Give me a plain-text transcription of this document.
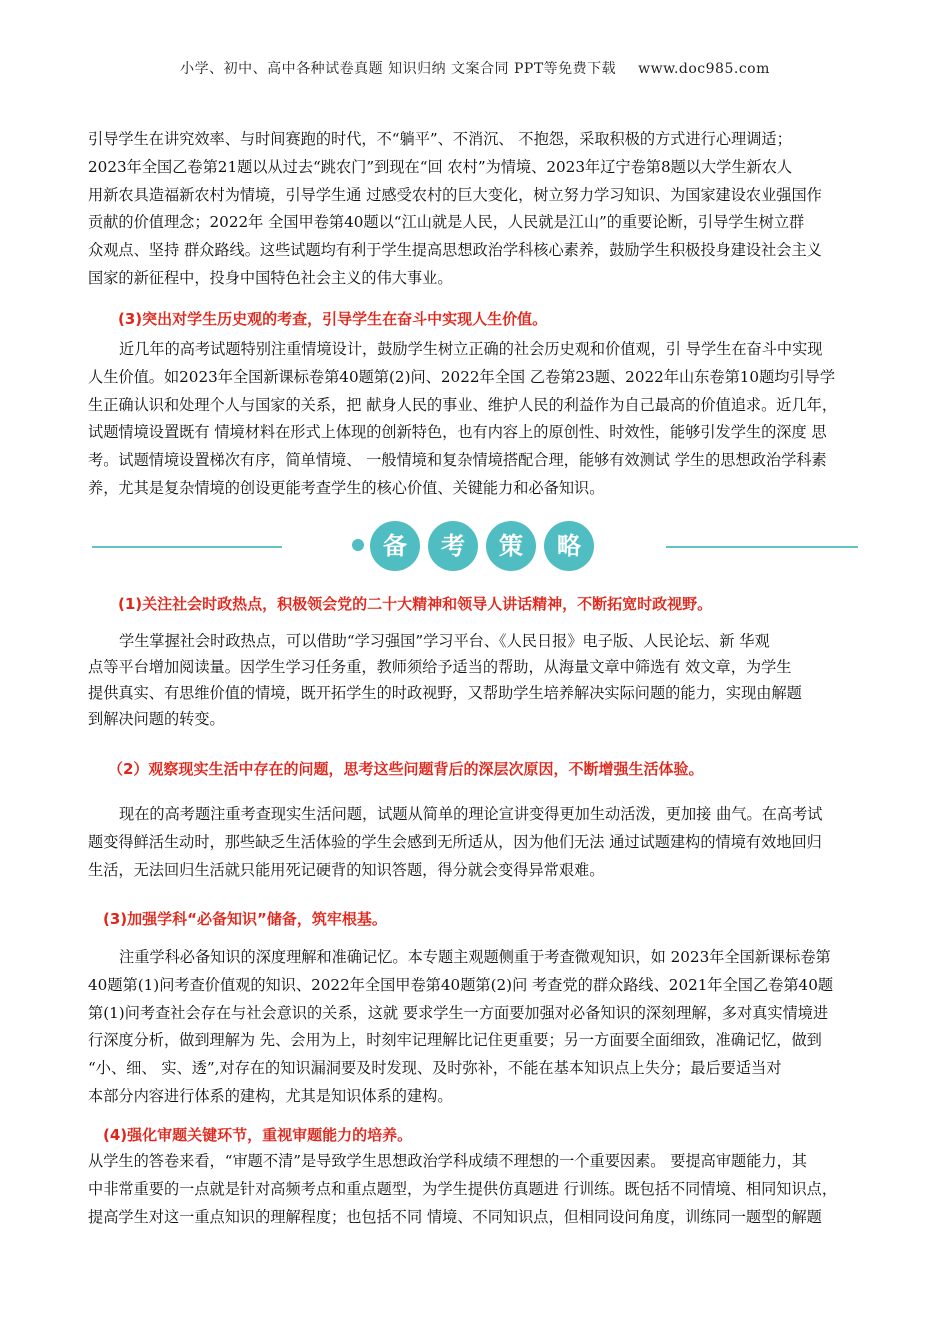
小学、初中、高中各种试卷真题 知识归纳 文案合同 PPT等免费下载 www.doc985.com

引导学生在讲究效率、与时间赛跑的时代，不“躺平”、不消沉、 不抱怨，采取积极的方式进行心理调适；

2023年全国乙卷第21题以从过去“跳农门”到现在“回 农村”为情境、2023年辽宁卷第8题以大学生新农人

用新农具造福新农村为情境，引导学生通 过感受农村的巨大变化，树立努力学习知识、为国家建设农业强国作

贡献的价值理念；2022年 全国甲卷第40题以“江山就是人民，人民就是江山”的重要论断，引导学生树立群

众观点、坚持 群众路线。这些试题均有利于学生提高思想政治学科核心素养，鼓励学生积极投身建设社会主义

国家的新征程中，投身中国特色社会主义的伟大事业。

(3)突出对学生历史观的考查，引导学生在奋斗中实现人生价值。

近几年的高考试题特别注重情境设计，鼓励学生树立正确的社会历史观和价值观，引 导学生在奋斗中实现

人生价值。如2023年全国新课标卷第40题第(2)问、2022年全国 乙卷第23题、2022年山东卷第10题均引导学

生正确认识和处理个人与国家的关系，把 献身人民的事业、维护人民的利益作为自己最高的价值追求。近几年，

试题情境设置既有 情境材料在形式上体现的创新特色，也有内容上的原创性、时效性，能够引发学生的深度 思

考。试题情境设置梯次有序，简单情境、 一般情境和复杂情境搭配合理，能够有效测试 学生的思想政治学科素

养，尤其是复杂情境的创设更能考查学生的核心价值、关键能力和必备知识。

备	考	策	略
(1)关注社会时政热点，积极领会党的二十大精神和领导人讲话精神，不断拓宽时政视野。

学生掌握社会时政热点，可以借助“学习强国”学习平台、《人民日报》电子版、人民论坛、新 华观

点等平台增加阅读量。因学生学习任务重，教师须给予适当的帮助，从海量文章中筛选有 效文章，为学生

提供真实、有思维价值的情境，既开拓学生的时政视野，又帮助学生培养解决实际问题的能力，实现由解题

到解决问题的转变。

（2）观察现实生活中存在的问题，思考这些问题背后的深层次原因，不断增强生活体验。

现在的高考题注重考查现实生活问题，试题从简单的理论宣讲变得更加生动活泼，更加接 曲气。在高考试

题变得鲜活生动时，那些缺乏生活体验的学生会感到无所适从，因为他们无法 通过试题建构的情境有效地回归

生活，无法回归生活就只能用死记硬背的知识答题，得分就会变得异常艰难。

(3)加强学科“必备知识”储备，筑牢根基。

注重学科必备知识的深度理解和准确记忆。本专题主观题侧重于考查微观知识，如 2023年全国新课标卷第

40题第(1)问考查价值观的知识、2022年全国甲卷第40题第(2)问 考查党的群众路线、2021年全国乙卷第40题

第(1)问考查社会存在与社会意识的关系，这就 要求学生一方面要加强对必备知识的深刻理解，多对真实情境进

行深度分析，做到理解为 先、会用为上，时刻牢记理解比记住更重要；另一方面要全面细致，准确记忆，做到

“小、细、 实、透”,对存在的知识漏洞要及时发现、及时弥补，不能在基本知识点上失分；最后要适当对

本部分内容进行体系的建构，尤其是知识体系的建构。

(4)强化审题关键环节，重视审题能力的培养。

从学生的答卷来看，“审题不清”是导致学生思想政治学科成绩不理想的一个重要因素。 要提高审题能力，其

中非常重要的一点就是针对高频考点和重点题型，为学生提供仿真题进 行训练。既包括不同情境、相同知识点，

提高学生对这一重点知识的理解程度；也包括不同 情境、不同知识点，但相同设问角度，训练同一题型的解题
